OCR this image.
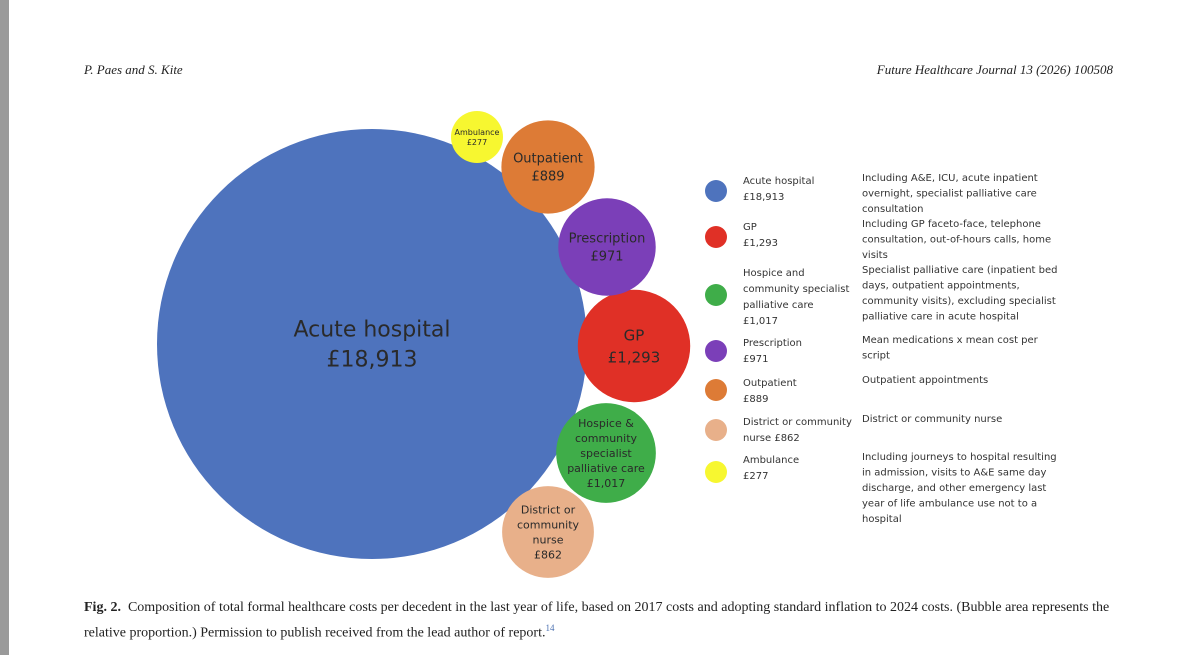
P. Paes and S. Kite	Future Healthcare Journal 13 (2026) 100508
Acute hospital
£18,913
GP
£1,293
Hospice &
community
specialist
palliative care
£1,017
Prescription
£971
Outpatient
£889
District or
community
nurse
£862
Ambulance
£277
Acute hospital
£18,913
Including A&E, ICU, acute inpatient
overnight, specialist palliative care
consultation
GP
£1,293
Including GP faceto-face, telephone
consultation, out-of-hours calls, home
visits
Hospice and
community specialist
palliative care
£1,017
Specialist palliative care (inpatient bed
days, outpatient appointments,
community visits), excluding specialist
palliative care in acute hospital
Prescription
£971
Mean medications x mean cost per
script
Outpatient
£889
Outpatient appointments
District or community
nurse £862
District or community nurse
Ambulance
£277
Including journeys to hospital resulting
in admission, visits to A&E same day
discharge, and other emergency last
year of life ambulance use not to a
hospital
Fig. 2. Composition of total formal healthcare costs per decedent in the last year of life, based on 2017 costs and adopting standard inflation to 2024 costs. (Bubble area represents the relative proportion.) Permission to publish received from the lead author of report.$^{14}$
